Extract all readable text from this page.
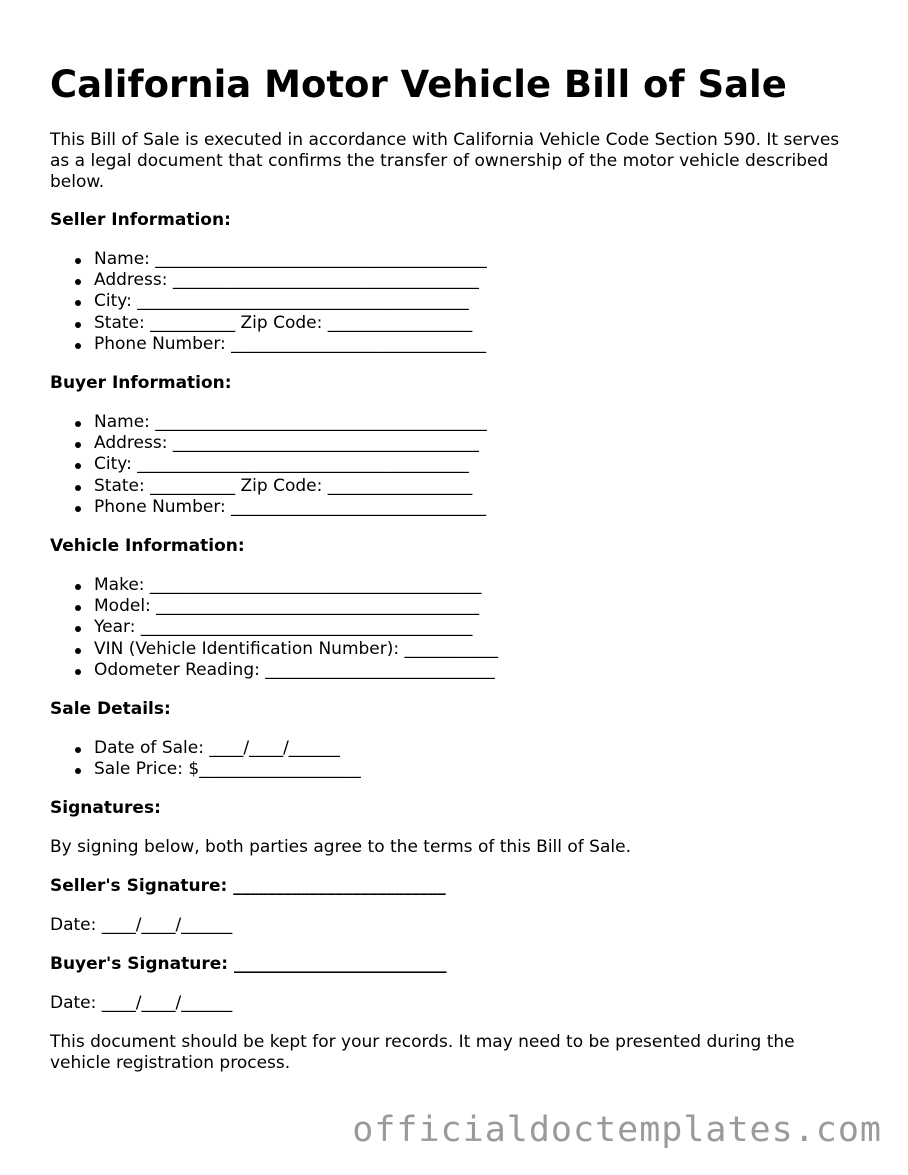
California Motor Vehicle Bill of Sale

This Bill of Sale is executed in accordance with California Vehicle Code Section 590. It serves as a legal document that confirms the transfer of ownership of the motor vehicle described below.

Seller Information:
Name: _______________________________________
Address: ____________________________________
City: _______________________________________
State: __________ Zip Code: _________________
Phone Number: ______________________________
Buyer Information:
Name: _______________________________________
Address: ____________________________________
City: _______________________________________
State: __________ Zip Code: _________________
Phone Number: ______________________________
Vehicle Information:
Make: _______________________________________
Model: ______________________________________
Year: _______________________________________
VIN (Vehicle Identification Number): ___________
Odometer Reading: ___________________________
Sale Details:
Date of Sale: ____/____/______
Sale Price: $___________________
Signatures:

By signing below, both parties agree to the terms of this Bill of Sale.

Seller's Signature: _________________________

Date: ____/____/______

Buyer's Signature: _________________________

Date: ____/____/______

This document should be kept for your records. It may need to be presented during the vehicle registration process.

officialdoctemplates.com
